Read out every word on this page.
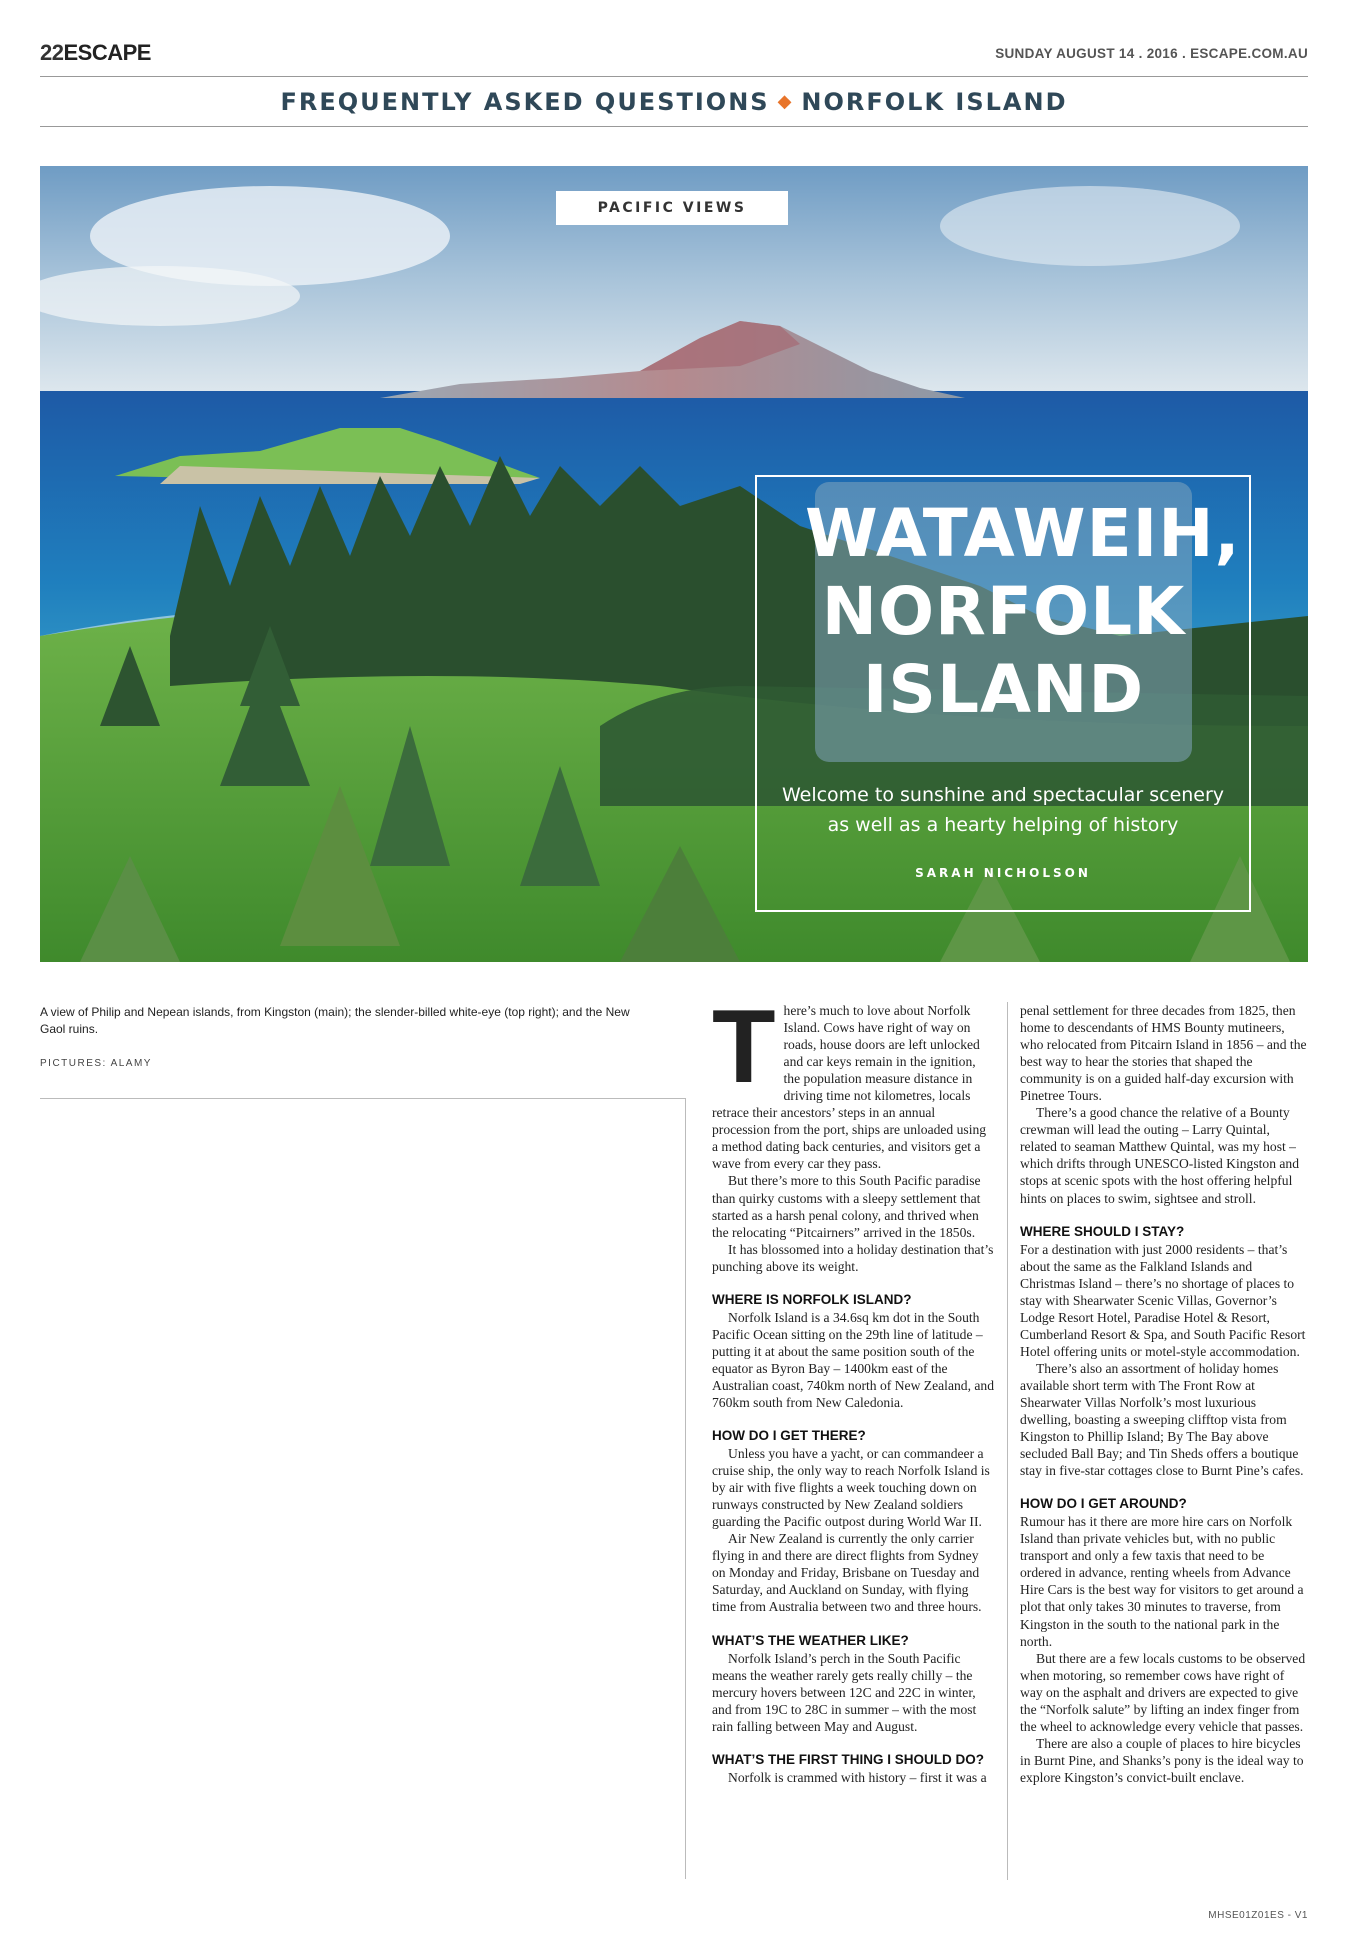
22ESCAPE	SUNDAY AUGUST 14 . 2016 . ESCAPE.COM.AU
FREQUENTLY ASKED QUESTIONS ◆ NORFOLK ISLAND
PACIFIC VIEWS
WATAWEIH,
NORFOLK
ISLAND
Welcome to sunshine and spectacular scenery as well as a hearty helping of history
SARAH NICHOLSON
A view of Philip and Nepean islands, from Kingston (main); the slender-billed white-eye (top right); and the New Gaol ruins.
PICTURES: ALAMY	T here’s much to love about Norfolk Island. Cows have right of way on roads, house doors are left unlocked and car keys remain in the ignition, the population measure distance in driving time not kilometres, locals retrace their ancestors’ steps in an annual procession from the port, ships are unloaded using a method dating back centuries, and visitors get a wave from every car they pass.

But there’s more to this South Pacific paradise than quirky customs with a sleepy settlement that started as a harsh penal colony, and thrived when the relocating “Pitcairners” arrived in the 1850s.

It has blossomed into a holiday destination that’s punching above its weight.

WHERE IS NORFOLK ISLAND?

Norfolk Island is a 34.6sq km dot in the South Pacific Ocean sitting on the 29th line of latitude – putting it at about the same position south of the equator as Byron Bay – 1400km east of the Australian coast, 740km north of New Zealand, and 760km south from New Caledonia.

HOW DO I GET THERE?

Unless you have a yacht, or can commandeer a cruise ship, the only way to reach Norfolk Island is by air with five flights a week touching down on runways constructed by New Zealand soldiers guarding the Pacific outpost during World War II.

Air New Zealand is currently the only carrier flying in and there are direct flights from Sydney on Monday and Friday, Brisbane on Tuesday and Saturday, and Auckland on Sunday, with flying time from Australia between two and three hours.

WHAT’S THE WEATHER LIKE?

Norfolk Island’s perch in the South Pacific means the weather rarely gets really chilly – the mercury hovers between 12C and 22C in winter, and from 19C to 28C in summer – with the most rain falling between May and August.

WHAT’S THE FIRST THING I SHOULD DO?

Norfolk is crammed with history – first it was a

penal settlement for three decades from 1825, then home to descendants of HMS Bounty mutineers, who relocated from Pitcairn Island in 1856 – and the best way to hear the stories that shaped the community is on a guided half-day excursion with Pinetree Tours.

There’s a good chance the relative of a Bounty crewman will lead the outing – Larry Quintal, related to seaman Matthew Quintal, was my host – which drifts through UNESCO-listed Kingston and stops at scenic spots with the host offering helpful hints on places to swim, sightsee and stroll.

WHERE SHOULD I STAY?

For a destination with just 2000 residents – that’s about the same as the Falkland Islands and Christmas Island – there’s no shortage of places to stay with Shearwater Scenic Villas, Governor’s Lodge Resort Hotel, Paradise Hotel & Resort, Cumberland Resort & Spa, and South Pacific Resort Hotel offering units or motel-style accommodation.

There’s also an assortment of holiday homes available short term with The Front Row at Shearwater Villas Norfolk’s most luxurious dwelling, boasting a sweeping clifftop vista from Kingston to Phillip Island; By The Bay above secluded Ball Bay; and Tin Sheds offers a boutique stay in five-star cottages close to Burnt Pine’s cafes.

HOW DO I GET AROUND?

Rumour has it there are more hire cars on Norfolk Island than private vehicles but, with no public transport and only a few taxis that need to be ordered in advance, renting wheels from Advance Hire Cars is the best way for visitors to get around a plot that only takes 30 minutes to traverse, from Kingston in the south to the national park in the north.

But there are a few locals customs to be observed when motoring, so remember cows have right of way on the asphalt and drivers are expected to give the “Norfolk salute” by lifting an index finger from the wheel to acknowledge every vehicle that passes.

There are also a couple of places to hire bicycles in Burnt Pine, and Shanks’s pony is the ideal way to explore Kingston’s convict-built enclave.

MHSE01Z01ES - V1
